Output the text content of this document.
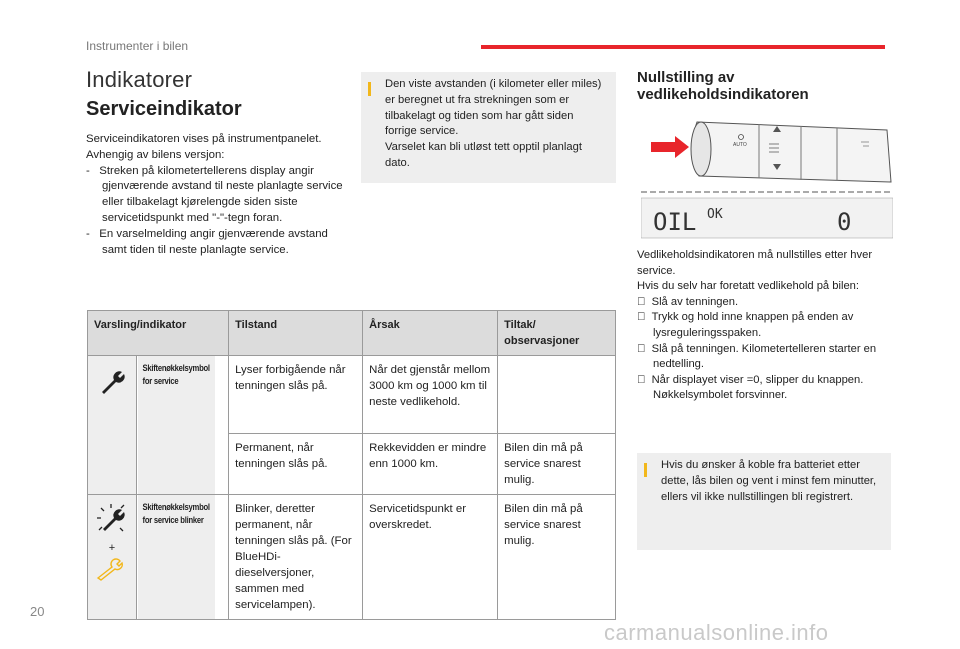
Instrumenter i bilen
Indikatorer
Serviceindikator
Serviceindikatoren vises på instrumentpanelet.
Avhengig av bilens versjon:
-   Streken på kilometertellerens display angir gjenværende avstand til neste planlagte service eller tilbakelagt kjørelengde siden siste servicetidspunkt med "-"-tegn foran.
-   En varselmelding angir gjenværende avstand samt tiden til neste planlagte service.
Den viste avstanden (i kilometer eller miles) er beregnet ut fra strekningen som er tilbakelagt og tiden som har gått siden forrige service.
Varselet kan bli utløst tett opptil planlagt dato.
Nullstilling av vedlikeholdsindikatoren
AUTO
OIL OK	0
Vedlikeholdsindikatoren må nullstilles etter hver service.
Hvis du selv har foretatt vedlikehold på bilen:
Slå av tenningen.
Trykk og hold inne knappen på enden av lysreguleringsspaken.
Slå på tenningen. Kilometertelleren starter en nedtelling.
Når displayet viser =0, slipper du knappen. Nøkkelsymbolet forsvinner.
Hvis du ønsker å koble fra batteriet etter dette, lås bilen og vent i minst fem minutter, ellers vil ikke nullstillingen bli registrert.
Varsling/indikator		Tilstand	Årsak	Tiltak/ observasjoner
	Skiftenøkkelsymbol for service	Lyser forbigående når tenningen slås på.	Når det gjenstår mellom 3000 km og 1000 km til neste vedlikehold.	
		Permanent, når tenningen slås på.	Rekkevidden er mindre enn 1000 km.	Bilen din må på service snarest mulig.

+	Skiftenøkkelsymbol for service blinker	Blinker, deretter permanent, når tenningen slås på. (For BlueHDi-dieselversjoner, sammen med servicelampen).	Servicetidspunkt er overskredet.	Bilen din må på service snarest mulig.
20
carmanualsonline.info
